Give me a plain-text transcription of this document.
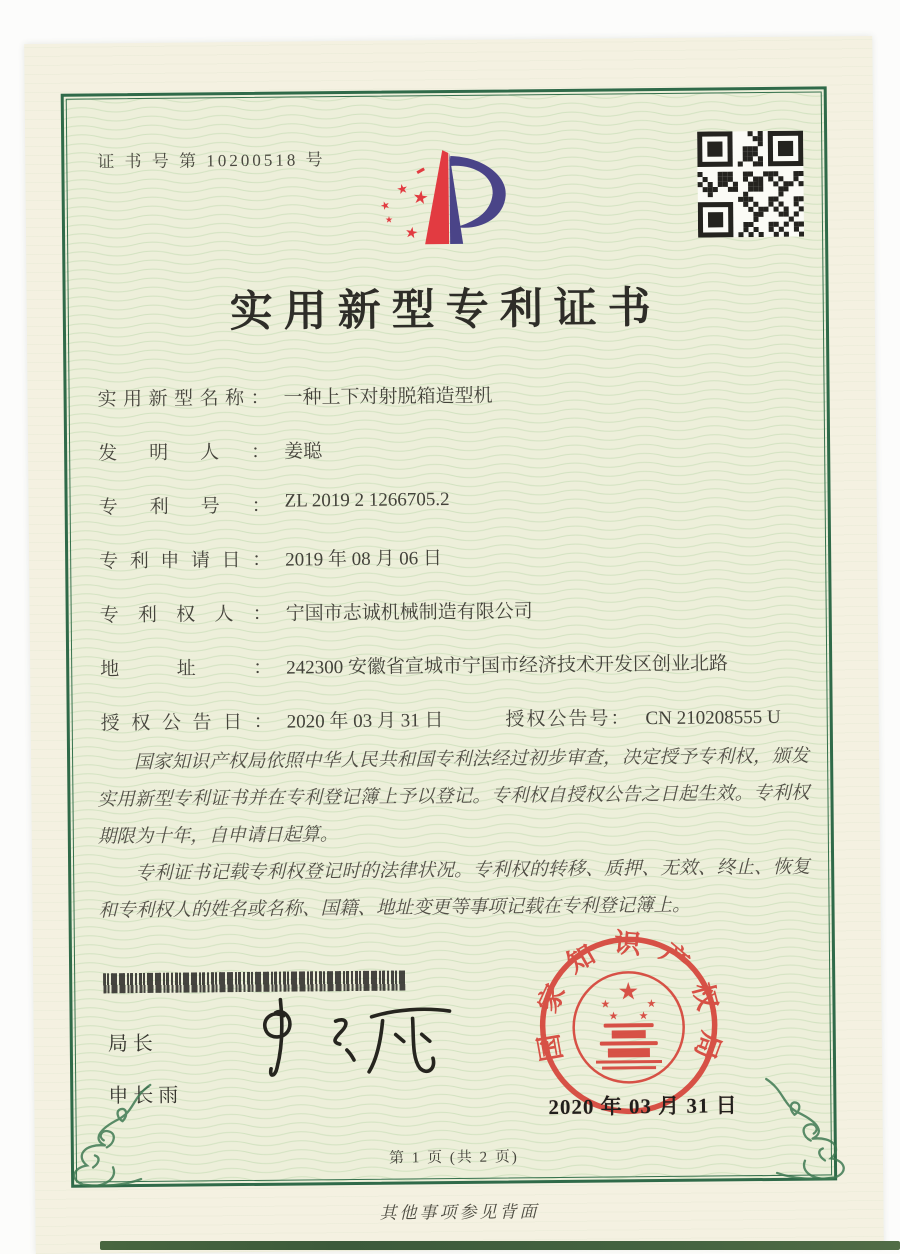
证 书 号 第 10200518 号
★ ★
★
★
★
实用新型专利证书
实用新型名称： 一种上下对射脱箱造型机
发明人： 姜聪
专利号： ZL 2019 2 1266705.2
专利申请日： 2019 年 08 月 06 日
专利权人： 宁国市志诚机械制造有限公司
地址： 242300 安徽省宣城市宁国市经济技术开发区创业北路
授权公告日： 2020 年 03 月 31 日	授权公告号： CN 210208555 U

国家知识产权局依照中华人民共和国专利法经过初步审查，决定授予专利权，颁发实用新型专利证书并在专利登记簿上予以登记。专利权自授权公告之日起生效。专利权期限为十年，自申请日起算。

专利证书记载专利权登记时的法律状况。专利权的转移、质押、无效、终止、恢复和专利权人的姓名或名称、国籍、地址变更等事项记载在专利登记簿上。

局长
申长雨
国家知识产权局
★
★	★
★ ★
2020 年 03 月 31 日
第 1 页 (共 2 页)
其他事项参见背面
